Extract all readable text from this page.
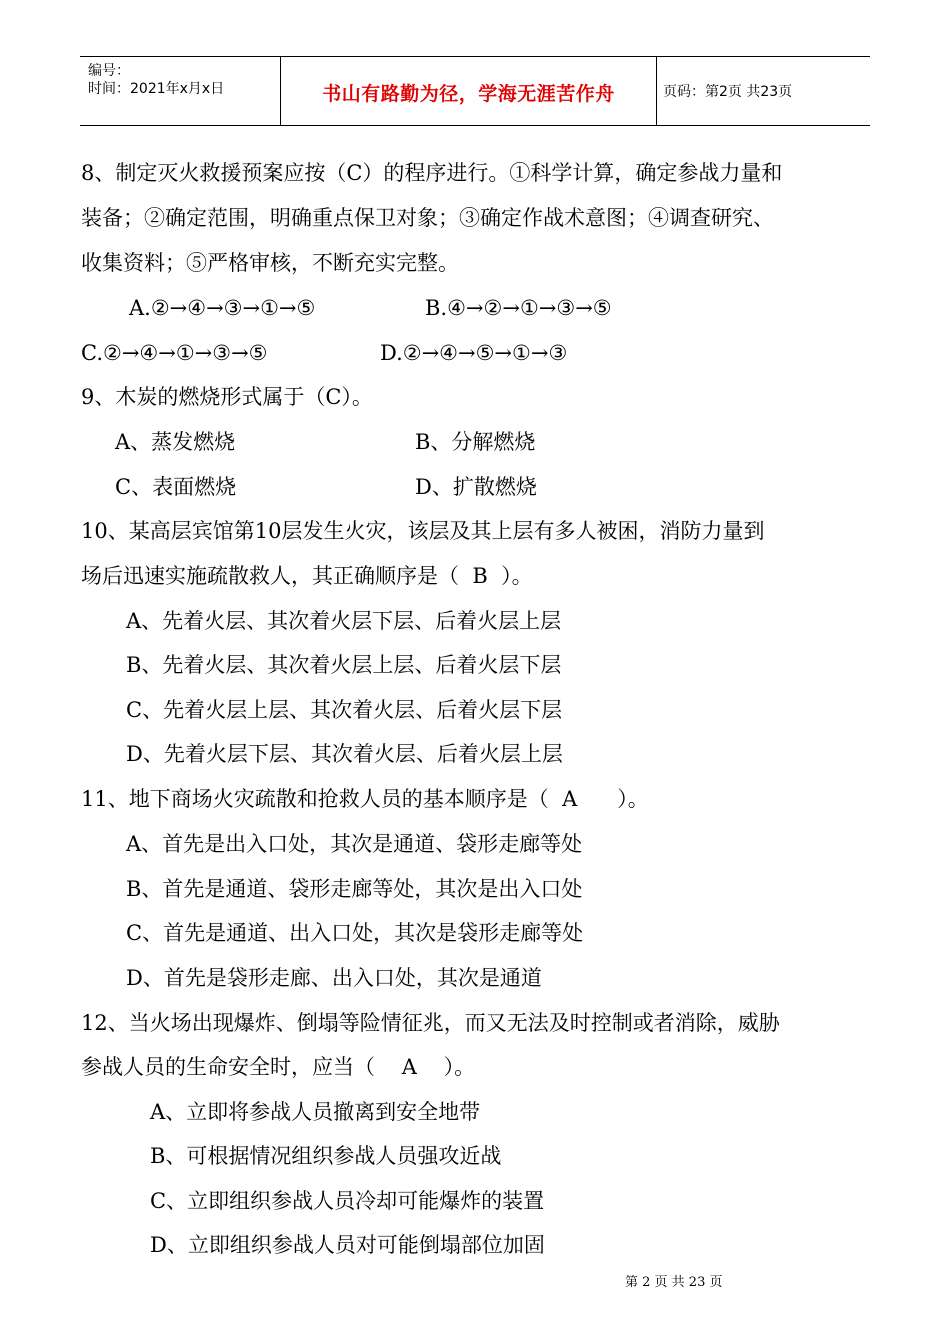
编号：
时间：2021年x月x日	书山有路勤为径，学海无涯苦作舟	页码：第2页 共23页
8、制定灭火救援预案应按（C）的程序进行。①科学计算，确定参战力量和
装备；②确定范围，明确重点保卫对象；③确定作战术意图；④调查研究、
收集资料；⑤严格审核，不断充实完整。
A.②→④→③→①→⑤	B.④→②→①→③→⑤
C.②→④→①→③→⑤	D.②→④→⑤→①→③
9、木炭的燃烧形式属于（C）。
A、蒸发燃烧	B、分解燃烧
C、表面燃烧	D、扩散燃烧
10、某高层宾馆第10层发生火灾，该层及其上层有多人被困，消防力量到
场后迅速实施疏散救人，其正确顺序是（  B  ）。
A、先着火层、其次着火层下层、后着火层上层
B、先着火层、其次着火层上层、后着火层下层
C、先着火层上层、其次着火层、后着火层下层
D、先着火层下层、其次着火层、后着火层上层
11、地下商场火灾疏散和抢救人员的基本顺序是（  A      ）。
A、首先是出入口处，其次是通道、袋形走廊等处
B、首先是通道、袋形走廊等处，其次是出入口处
C、首先是通道、出入口处，其次是袋形走廊等处
D、首先是袋形走廊、出入口处，其次是通道
12、当火场出现爆炸、倒塌等险情征兆，而又无法及时控制或者消除，威胁
参战人员的生命安全时，应当（    A    ）。
A、立即将参战人员撤离到安全地带
B、可根据情况组织参战人员强攻近战
C、立即组织参战人员冷却可能爆炸的装置
D、立即组织参战人员对可能倒塌部位加固
第 2 页 共 23 页
